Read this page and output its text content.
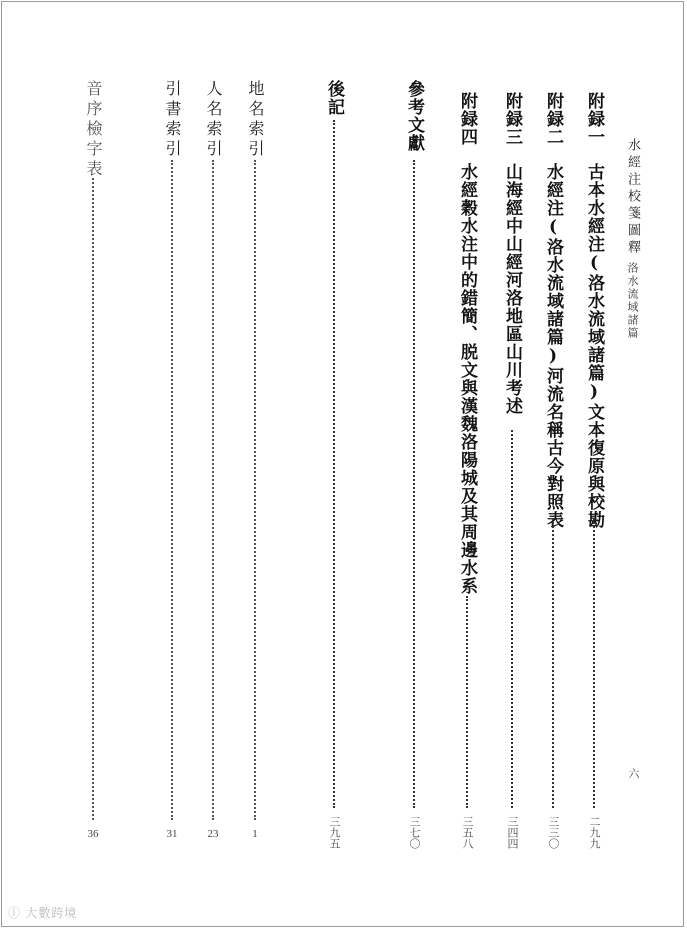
水經注校箋圖釋
洛水流域諸篇
六
附録一
古本水經注(洛水流域諸篇)文本復原與校勘
二九九
附録二
水經注(洛水流域諸篇)河流名稱古今對照表
三三〇
附録三
山海經中山經河洛地區山川考述
三四四
附録四
水經穀水注中的錯簡、脱文與漢魏洛陽城及其周邊水系
三五八
參考文獻
三七〇
後記
三九五
地名索引
1
人名索引
23
引書索引
31
音序檢字表
36
ⓛ 大數跨境
